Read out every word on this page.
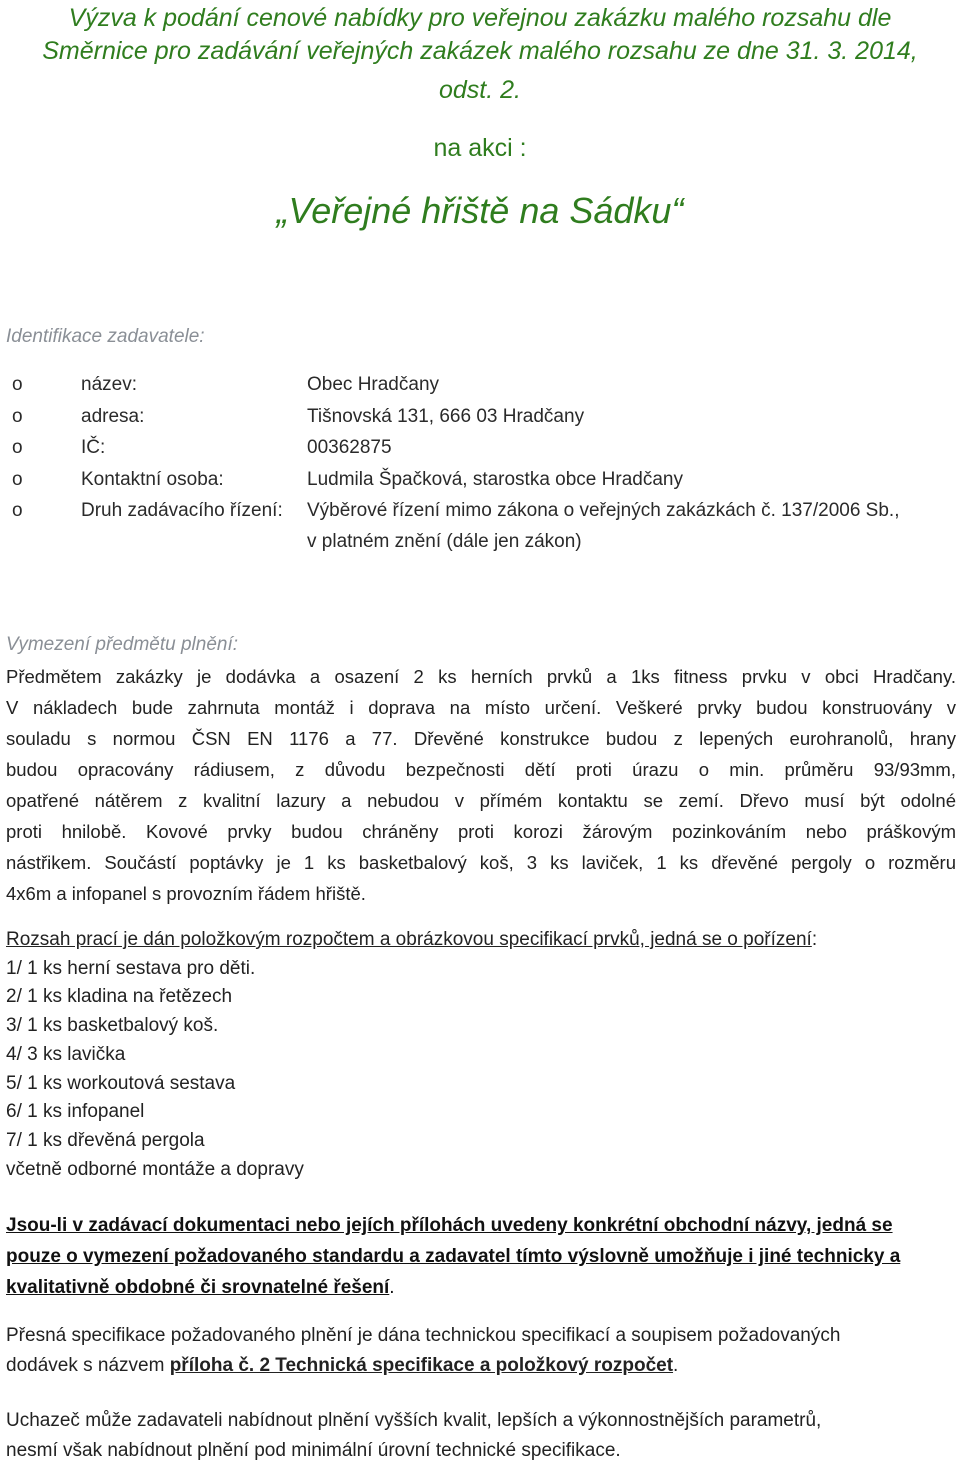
Výzva k podání cenové nabídky pro veřejnou zakázku malého rozsahu dle
Směrnice pro zadávání veřejných zakázek malého rozsahu ze dne 31. 3. 2014,
odst. 2.
na akci :
„Veřejné hřiště na Sádku“
Identifikace zadavatele:
o	název:	Obec Hradčany
o	adresa:	Tišnovská 131, 666 03 Hradčany
o	IČ:	00362875
o	Kontaktní osoba:	Ludmila Špačková, starostka obce Hradčany
o	Druh zadávacího řízení: Výběrové řízení mimo zákona o veřejných zakázkách č. 137/2006 Sb.,
v platném znění (dále jen zákon)
Vymezení předmětu plnění:
Předmětem zakázky je dodávka a osazení 2 ks herních prvků a 1ks fitness prvku v obci Hradčany.
V nákladech bude zahrnuta montáž i doprava na místo určení. Veškeré prvky budou konstruovány v
souladu s normou ČSN EN 1176 a 77. Dřevěné konstrukce budou z lepených eurohranolů, hrany
budou opracovány rádiusem, z důvodu bezpečnosti dětí proti úrazu o min. průměru 93/93mm,
opatřené nátěrem z kvalitní lazury a nebudou v přímém kontaktu se zemí. Dřevo musí být odolné
proti hnilobě. Kovové prvky budou chráněny proti korozi žárovým pozinkováním nebo práškovým
nástřikem. Součástí poptávky je 1 ks basketbalový koš, 3 ks laviček, 1 ks dřevěné pergoly o rozměru
4x6m a infopanel s provozním řádem hřiště.
Rozsah prací je dán položkovým rozpočtem a obrázkovou specifikací prvků, jedná se o pořízení:
1/ 1 ks herní sestava pro děti.
2/ 1 ks kladina na řetězech
3/ 1 ks basketbalový koš.
4/ 3 ks lavička
5/ 1 ks workoutová sestava
6/ 1 ks infopanel
7/ 1 ks dřevěná pergola
včetně odborné montáže a dopravy
Jsou-li v zadávací dokumentaci nebo jejích přílohách uvedeny konkrétní obchodní názvy, jedná se
pouze o vymezení požadovaného standardu a zadavatel tímto výslovně umožňuje i jiné technicky a
kvalitativně obdobné či srovnatelné řešení.
Přesná specifikace požadovaného plnění je dána technickou specifikací a soupisem požadovaných
dodávek s názvem příloha č. 2 Technická specifikace a položkový rozpočet.
Uchazeč může zadavateli nabídnout plnění vyšších kvalit, lepších a výkonnostnějších parametrů,
nesmí však nabídnout plnění pod minimální úrovní technické specifikace.
